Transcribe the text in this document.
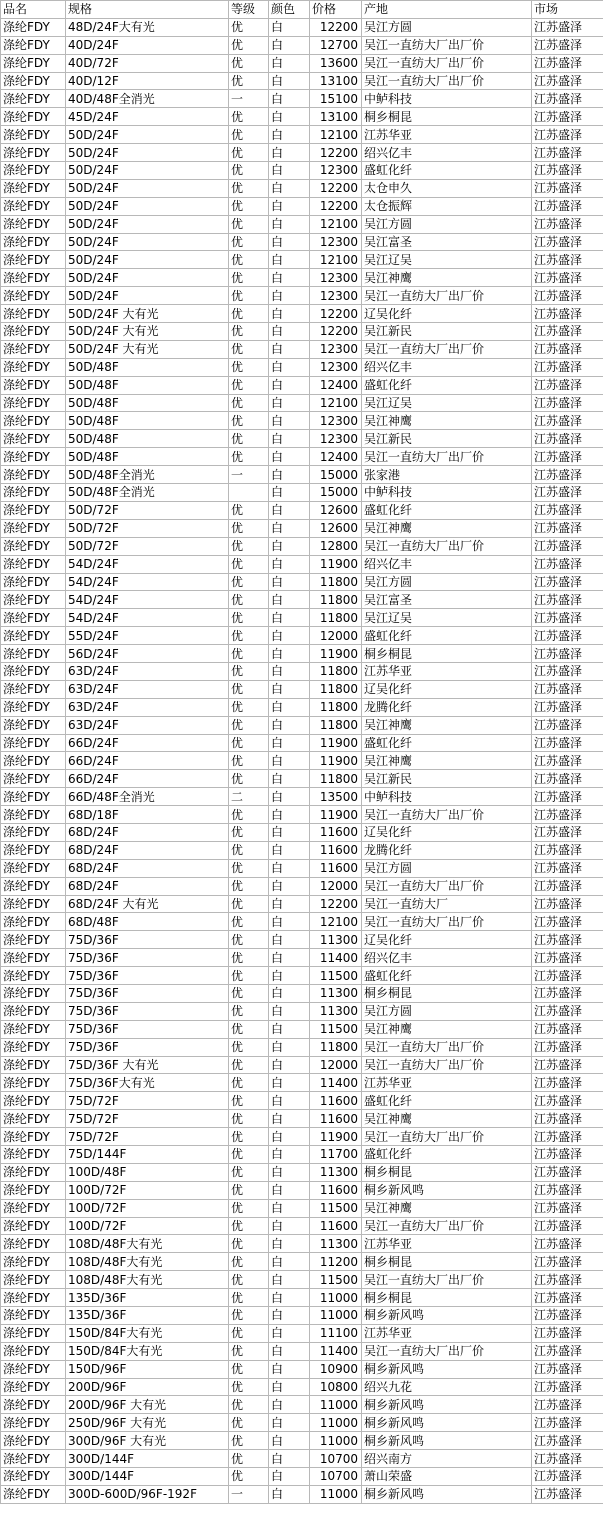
品名	规格	等级	颜色	价格	产地	市场
涤纶FDY	48D/24F大有光	优	白	12200	吴江方圆	江苏盛泽
涤纶FDY	40D/24F	优	白	12700	吴江一直纺大厂出厂价	江苏盛泽
涤纶FDY	40D/72F	优	白	13600	吴江一直纺大厂出厂价	江苏盛泽
涤纶FDY	40D/12F	优	白	13100	吴江一直纺大厂出厂价	江苏盛泽
涤纶FDY	40D/48F全消光	一	白	15100	中鲈科技	江苏盛泽
涤纶FDY	45D/24F	优	白	13100	桐乡桐昆	江苏盛泽
涤纶FDY	50D/24F	优	白	12100	江苏华亚	江苏盛泽
涤纶FDY	50D/24F	优	白	12200	绍兴亿丰	江苏盛泽
涤纶FDY	50D/24F	优	白	12300	盛虹化纤	江苏盛泽
涤纶FDY	50D/24F	优	白	12200	太仓申久	江苏盛泽
涤纶FDY	50D/24F	优	白	12200	太仓振辉	江苏盛泽
涤纶FDY	50D/24F	优	白	12100	吴江方圆	江苏盛泽
涤纶FDY	50D/24F	优	白	12300	吴江富圣	江苏盛泽
涤纶FDY	50D/24F	优	白	12100	吴江辽吴	江苏盛泽
涤纶FDY	50D/24F	优	白	12300	吴江神鹰	江苏盛泽
涤纶FDY	50D/24F	优	白	12300	吴江一直纺大厂出厂价	江苏盛泽
涤纶FDY	50D/24F 大有光	优	白	12200	辽吴化纤	江苏盛泽
涤纶FDY	50D/24F 大有光	优	白	12200	吴江新民	江苏盛泽
涤纶FDY	50D/24F 大有光	优	白	12300	吴江一直纺大厂出厂价	江苏盛泽
涤纶FDY	50D/48F	优	白	12300	绍兴亿丰	江苏盛泽
涤纶FDY	50D/48F	优	白	12400	盛虹化纤	江苏盛泽
涤纶FDY	50D/48F	优	白	12100	吴江辽吴	江苏盛泽
涤纶FDY	50D/48F	优	白	12300	吴江神鹰	江苏盛泽
涤纶FDY	50D/48F	优	白	12300	吴江新民	江苏盛泽
涤纶FDY	50D/48F	优	白	12400	吴江一直纺大厂出厂价	江苏盛泽
涤纶FDY	50D/48F全消光	一	白	15000	张家港	江苏盛泽
涤纶FDY	50D/48F全消光		白	15000	中鲈科技	江苏盛泽
涤纶FDY	50D/72F	优	白	12600	盛虹化纤	江苏盛泽
涤纶FDY	50D/72F	优	白	12600	吴江神鹰	江苏盛泽
涤纶FDY	50D/72F	优	白	12800	吴江一直纺大厂出厂价	江苏盛泽
涤纶FDY	54D/24F	优	白	11900	绍兴亿丰	江苏盛泽
涤纶FDY	54D/24F	优	白	11800	吴江方圆	江苏盛泽
涤纶FDY	54D/24F	优	白	11800	吴江富圣	江苏盛泽
涤纶FDY	54D/24F	优	白	11800	吴江辽吴	江苏盛泽
涤纶FDY	55D/24F	优	白	12000	盛虹化纤	江苏盛泽
涤纶FDY	56D/24F	优	白	11900	桐乡桐昆	江苏盛泽
涤纶FDY	63D/24F	优	白	11800	江苏华亚	江苏盛泽
涤纶FDY	63D/24F	优	白	11800	辽吴化纤	江苏盛泽
涤纶FDY	63D/24F	优	白	11800	龙腾化纤	江苏盛泽
涤纶FDY	63D/24F	优	白	11800	吴江神鹰	江苏盛泽
涤纶FDY	66D/24F	优	白	11900	盛虹化纤	江苏盛泽
涤纶FDY	66D/24F	优	白	11900	吴江神鹰	江苏盛泽
涤纶FDY	66D/24F	优	白	11800	吴江新民	江苏盛泽
涤纶FDY	66D/48F全消光	二	白	13500	中鲈科技	江苏盛泽
涤纶FDY	68D/18F	优	白	11900	吴江一直纺大厂出厂价	江苏盛泽
涤纶FDY	68D/24F	优	白	11600	辽吴化纤	江苏盛泽
涤纶FDY	68D/24F	优	白	11600	龙腾化纤	江苏盛泽
涤纶FDY	68D/24F	优	白	11600	吴江方圆	江苏盛泽
涤纶FDY	68D/24F	优	白	12000	吴江一直纺大厂出厂价	江苏盛泽
涤纶FDY	68D/24F 大有光	优	白	12200	吴江一直纺大厂	江苏盛泽
涤纶FDY	68D/48F	优	白	12100	吴江一直纺大厂出厂价	江苏盛泽
涤纶FDY	75D/36F	优	白	11300	辽吴化纤	江苏盛泽
涤纶FDY	75D/36F	优	白	11400	绍兴亿丰	江苏盛泽
涤纶FDY	75D/36F	优	白	11500	盛虹化纤	江苏盛泽
涤纶FDY	75D/36F	优	白	11300	桐乡桐昆	江苏盛泽
涤纶FDY	75D/36F	优	白	11300	吴江方圆	江苏盛泽
涤纶FDY	75D/36F	优	白	11500	吴江神鹰	江苏盛泽
涤纶FDY	75D/36F	优	白	11800	吴江一直纺大厂出厂价	江苏盛泽
涤纶FDY	75D/36F 大有光	优	白	12000	吴江一直纺大厂出厂价	江苏盛泽
涤纶FDY	75D/36F大有光	优	白	11400	江苏华亚	江苏盛泽
涤纶FDY	75D/72F	优	白	11600	盛虹化纤	江苏盛泽
涤纶FDY	75D/72F	优	白	11600	吴江神鹰	江苏盛泽
涤纶FDY	75D/72F	优	白	11900	吴江一直纺大厂出厂价	江苏盛泽
涤纶FDY	75D/144F	优	白	11700	盛虹化纤	江苏盛泽
涤纶FDY	100D/48F	优	白	11300	桐乡桐昆	江苏盛泽
涤纶FDY	100D/72F	优	白	11600	桐乡新风鸣	江苏盛泽
涤纶FDY	100D/72F	优	白	11500	吴江神鹰	江苏盛泽
涤纶FDY	100D/72F	优	白	11600	吴江一直纺大厂出厂价	江苏盛泽
涤纶FDY	108D/48F大有光	优	白	11300	江苏华亚	江苏盛泽
涤纶FDY	108D/48F大有光	优	白	11200	桐乡桐昆	江苏盛泽
涤纶FDY	108D/48F大有光	优	白	11500	吴江一直纺大厂出厂价	江苏盛泽
涤纶FDY	135D/36F	优	白	11000	桐乡桐昆	江苏盛泽
涤纶FDY	135D/36F	优	白	11000	桐乡新风鸣	江苏盛泽
涤纶FDY	150D/84F大有光	优	白	11100	江苏华亚	江苏盛泽
涤纶FDY	150D/84F大有光	优	白	11400	吴江一直纺大厂出厂价	江苏盛泽
涤纶FDY	150D/96F	优	白	10900	桐乡新风鸣	江苏盛泽
涤纶FDY	200D/96F	优	白	10800	绍兴九花	江苏盛泽
涤纶FDY	200D/96F 大有光	优	白	11000	桐乡新风鸣	江苏盛泽
涤纶FDY	250D/96F 大有光	优	白	11000	桐乡新风鸣	江苏盛泽
涤纶FDY	300D/96F 大有光	优	白	11000	桐乡新风鸣	江苏盛泽
涤纶FDY	300D/144F	优	白	10700	绍兴南方	江苏盛泽
涤纶FDY	300D/144F	优	白	10700	萧山荣盛	江苏盛泽
涤纶FDY	300D-600D/96F-192F	一	白	11000	桐乡新风鸣	江苏盛泽
